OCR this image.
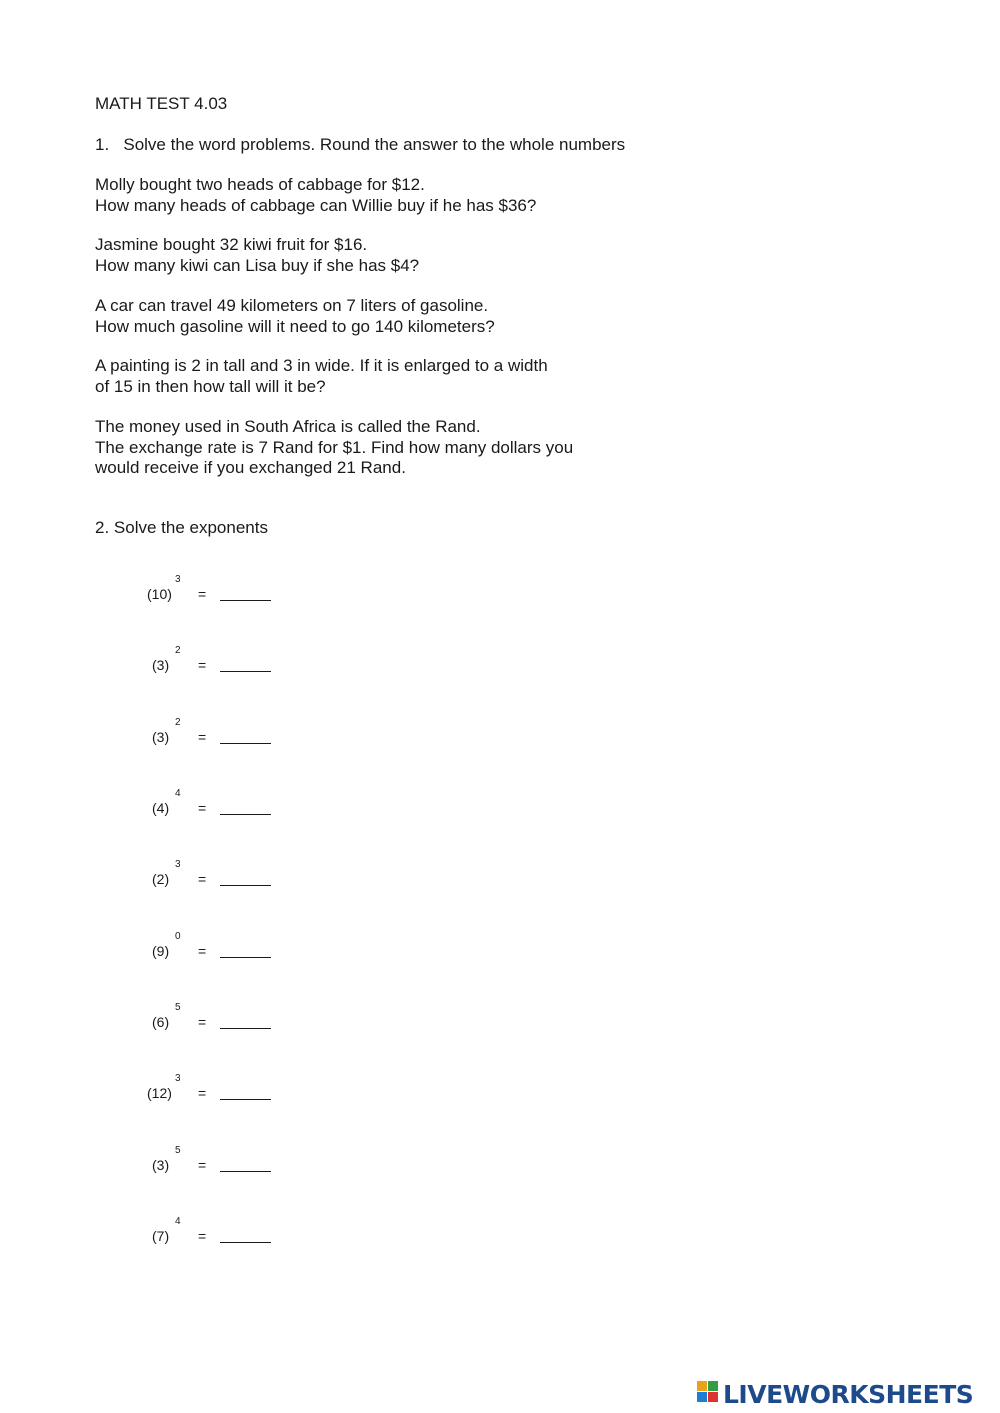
MATH TEST 4.03
1. Solve the word problems. Round the answer to the whole numbers
Molly bought two heads of cabbage for $12.
How many heads of cabbage can Willie buy if he has $36?
Jasmine bought 32 kiwi fruit for $16.
How many kiwi can Lisa buy if she has $4?
A car can travel 49 kilometers on 7 liters of gasoline.
How much gasoline will it need to go 140 kilometers?
A painting is 2 in tall and 3 in wide. If it is enlarged to a width
of 15 in then how tall will it be?
The money used in South Africa is called the Rand.
The exchange rate is 7 Rand for $1. Find how many dollars you
would receive if you exchanged 21 Rand.
2. Solve the exponents
(10)
3
=
(3)
2
=
(3)
2
=
(4)
4
=
(2)
3
=
(9)
0
=
(6)
5
=
(12)
3
=
(3)
5
=
(7)
4
=
LIVEWORKSHEETS
